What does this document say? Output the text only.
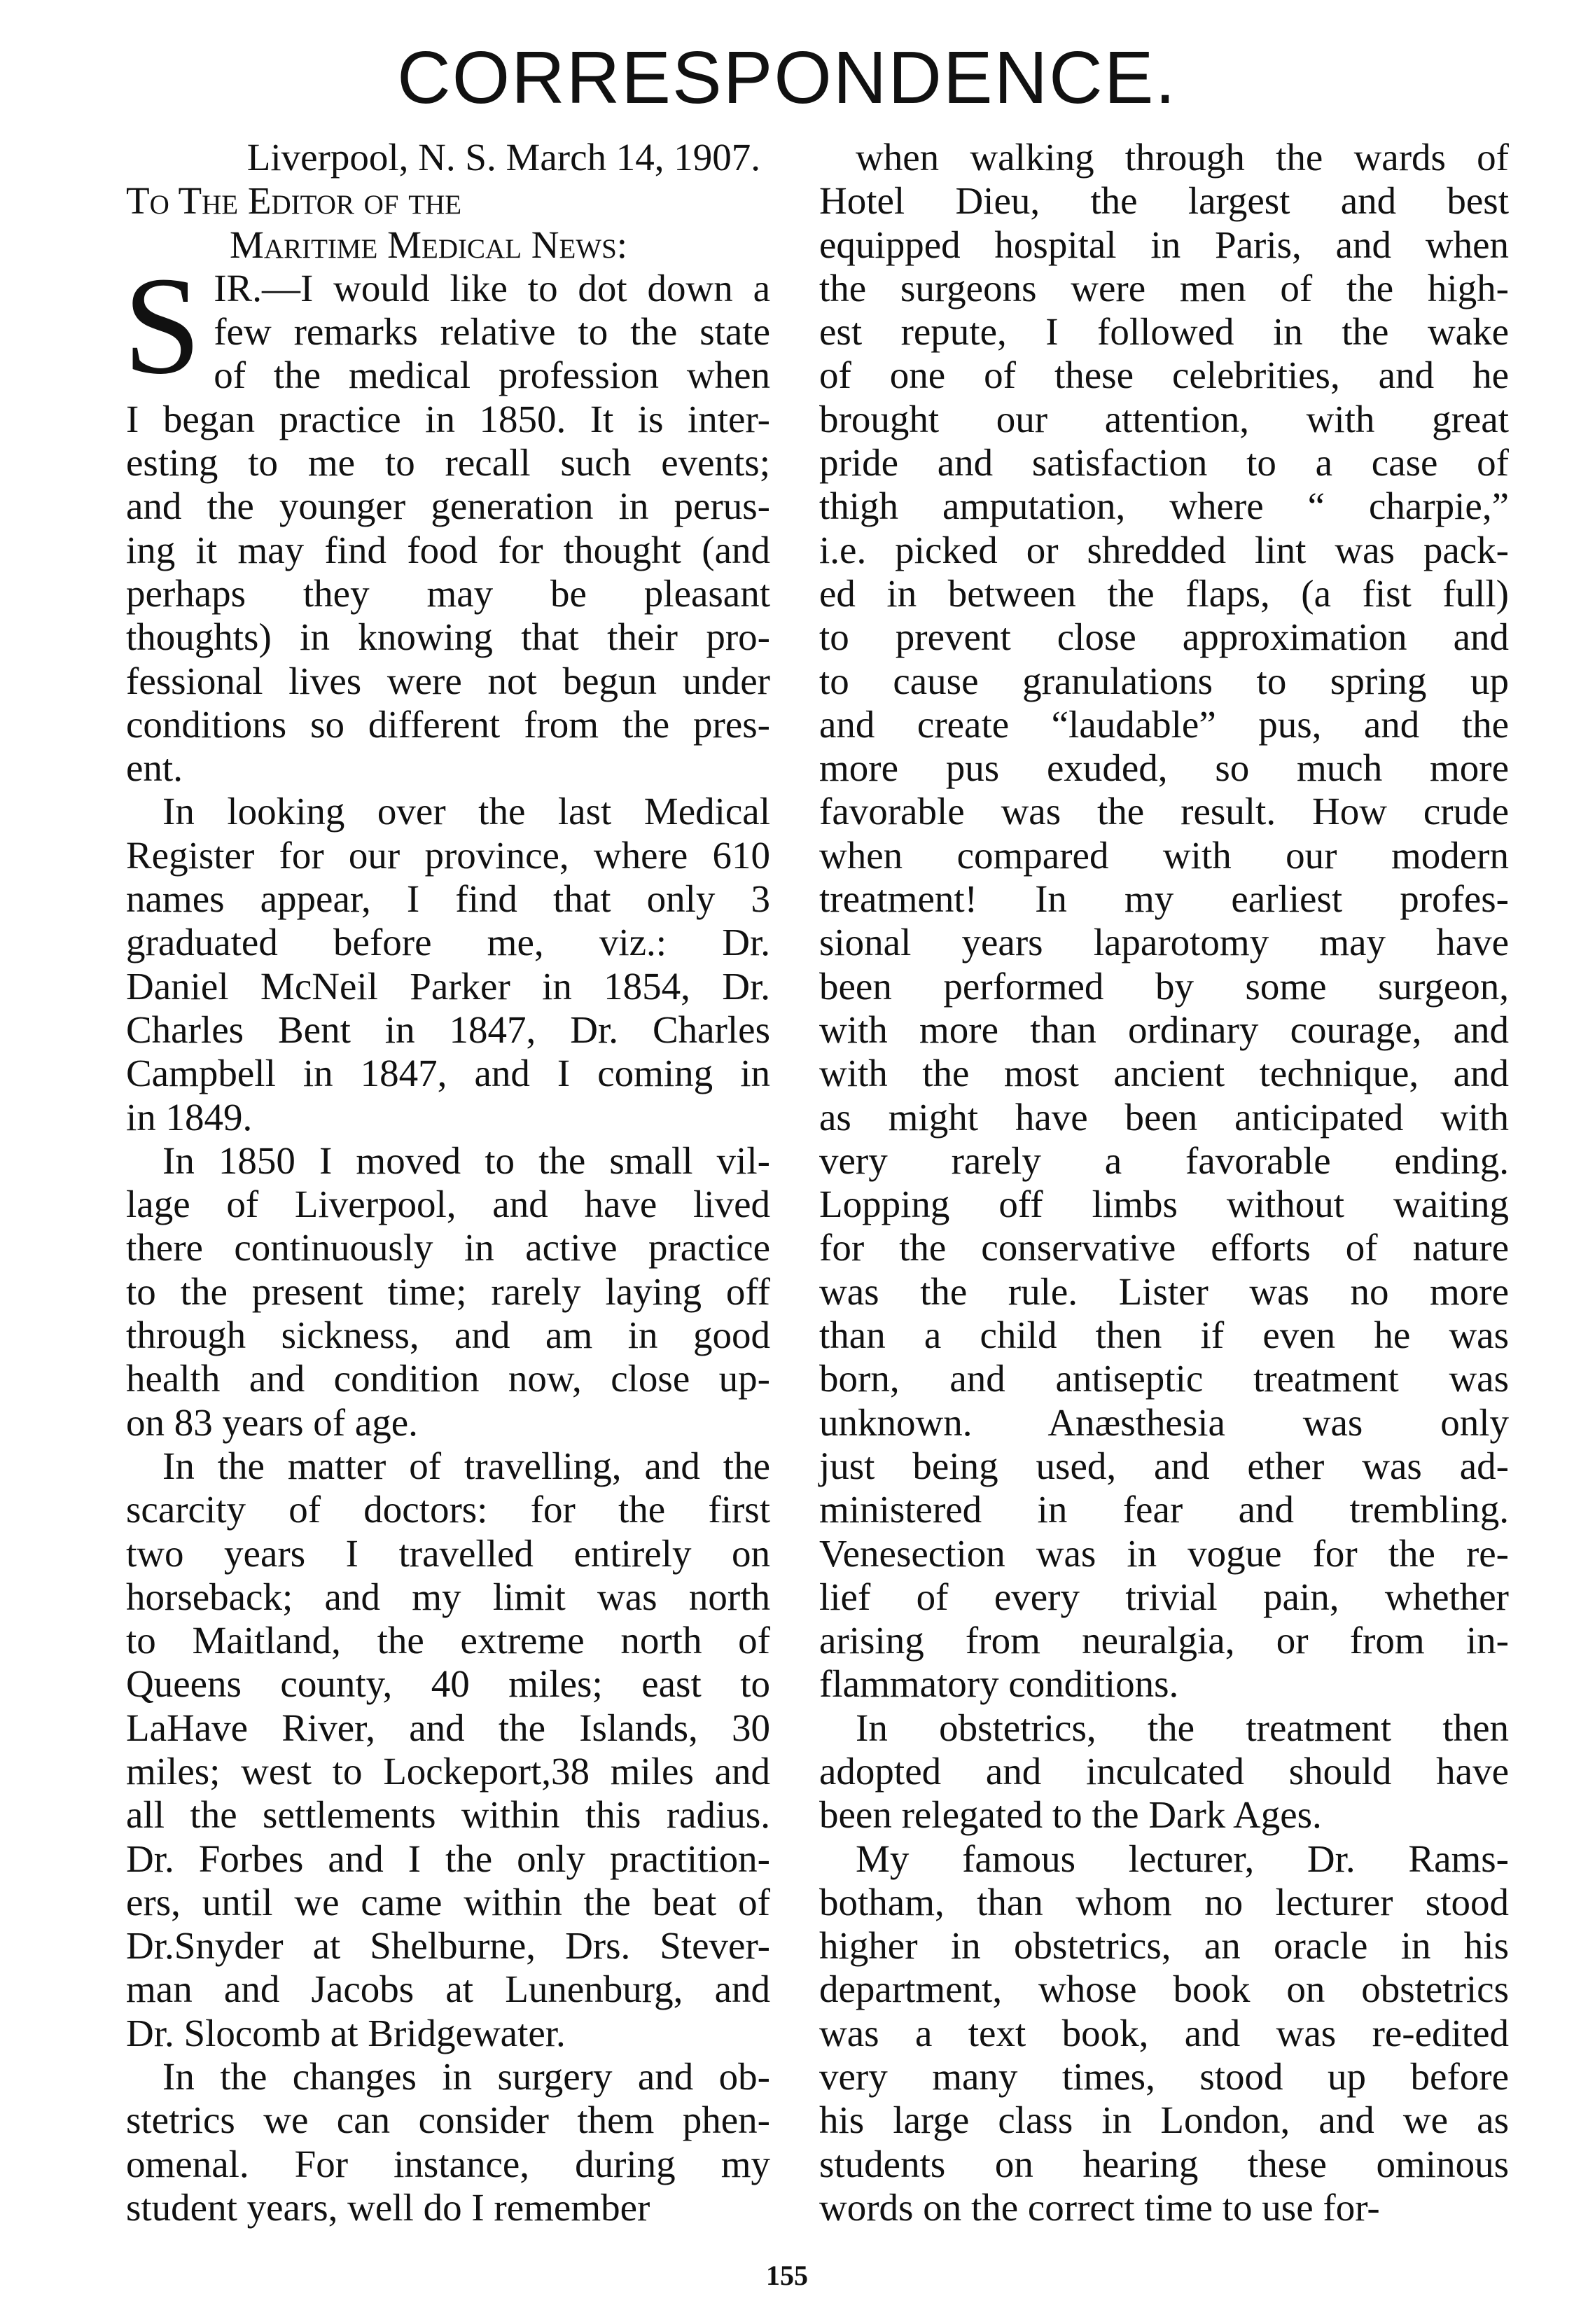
CORRESPONDENCE.
Liverpool, N. S. March 14, 1907.
To The Editor of the
Maritime Medical News:
S IR.—I would like to dot down a
few remarks relative to the state
of the medical profession when
I began practice in 1850. It is inter-
esting to me to recall such events;
and the younger generation in perus-
ing it may find food for thought (and
perhaps they may be pleasant
thoughts) in knowing that their pro-
fessional lives were not begun under
conditions so different from the pres-
ent.

In looking over the last Medical
Register for our province, where 610
names appear, I find that only 3
graduated before me, viz.: Dr.
Daniel McNeil Parker in 1854, Dr.
Charles Bent in 1847, Dr. Charles
Campbell in 1847, and I coming in
in 1849.

In 1850 I moved to the small vil-
lage of Liverpool, and have lived
there continuously in active practice
to the present time; rarely laying off
through sickness, and am in good
health and condition now, close up-
on 83 years of age.

In the matter of travelling, and the
scarcity of doctors: for the first
two years I travelled entirely on
horseback; and my limit was north
to Maitland, the extreme north of
Queens county, 40 miles; east to
LaHave River, and the Islands, 30
miles; west to Lockeport,38 miles and
all the settlements within this radius.
Dr. Forbes and I the only practition-
ers, until we came within the beat of
Dr.Snyder at Shelburne, Drs. Stever-
man and Jacobs at Lunenburg, and
Dr. Slocomb at Bridgewater.

In the changes in surgery and ob-
stetrics we can consider them phen-
omenal. For instance, during my
student years, well do I remember

when walking through the wards of
Hotel Dieu, the largest and best
equipped hospital in Paris, and when
the surgeons were men of the high-
est repute, I followed in the wake
of one of these celebrities, and he
brought our attention, with great
pride and satisfaction to a case of
thigh amputation, where “ charpie,”
i.e. picked or shredded lint was pack-
ed in between the flaps, (a fist full)
to prevent close approximation and
to cause granulations to spring up
and create “laudable” pus, and the
more pus exuded, so much more
favorable was the result. How crude
when compared with our modern
treatment! In my earliest profes-
sional years laparotomy may have
been performed by some surgeon,
with more than ordinary courage, and
with the most ancient technique, and
as might have been anticipated with
very rarely a favorable ending.
Lopping off limbs without waiting
for the conservative efforts of nature
was the rule. Lister was no more
than a child then if even he was
born, and antiseptic treatment was
unknown. Anæsthesia was only
just being used, and ether was ad-
ministered in fear and trembling.
Venesection was in vogue for the re-
lief of every trivial pain, whether
arising from neuralgia, or from in-
flammatory conditions.

In obstetrics, the treatment then
adopted and inculcated should have
been relegated to the Dark Ages.

My famous lecturer, Dr. Rams-
botham, than whom no lecturer stood
higher in obstetrics, an oracle in his
department, whose book on obstetrics
was a text book, and was re-edited
very many times, stood up before
his large class in London, and we as
students on hearing these ominous
words on the correct time to use for-

155
